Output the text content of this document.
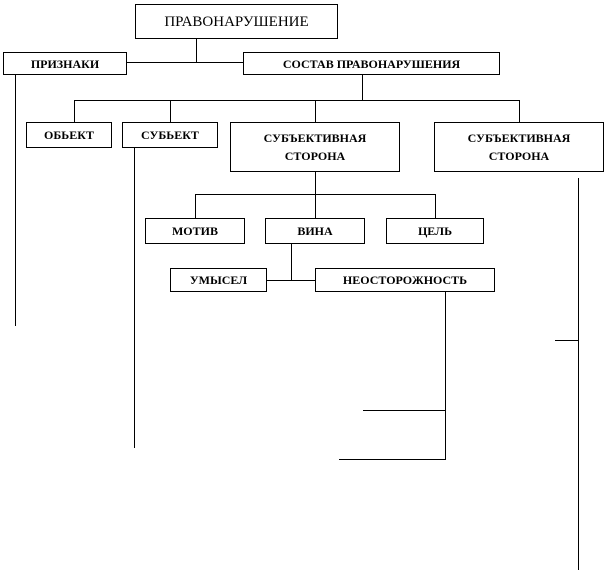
ПРАВОНАРУШЕНИЕ
ПРИЗНАКИ	СОСТАВ ПРАВОНАРУШЕНИЯ
ОБЬЕКТ	СУБЬЕКТ	СУБЪЕКТИВНАЯ СТОРОНА
СУБЪЕКТИВНАЯ СТОРОНА
МОТИВ	ВИНА	ЦЕЛЬ
УМЫСЕЛ	НЕОСТОРОЖНОСТЬ
